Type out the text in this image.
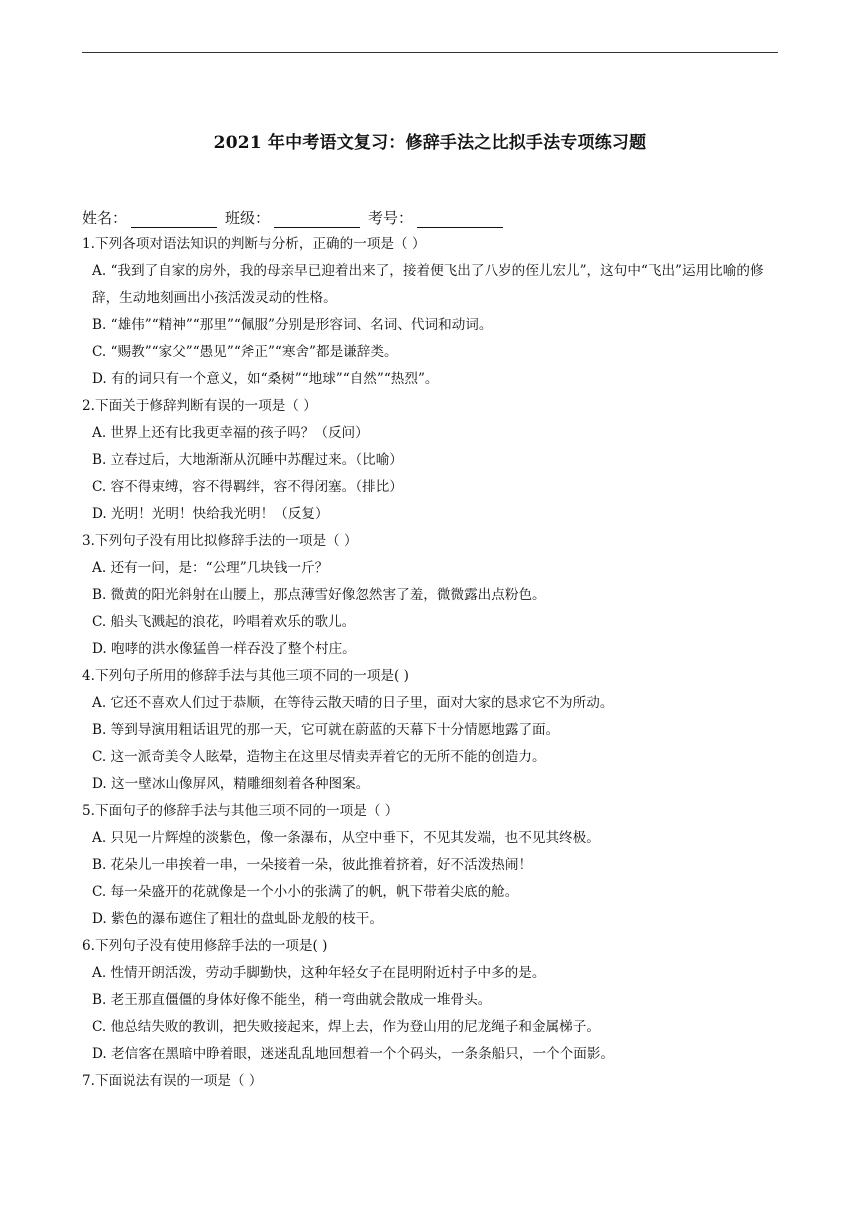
2021 年中考语文复习：修辞手法之比拟手法专项练习题
姓名：	班级：	考号：
1.下列各项对语法知识的判断与分析，正确的一项是（ ）
A. “我到了自家的房外，我的母亲早已迎着出来了，接着便飞出了八岁的侄儿宏儿”，这句中“飞出”运用比喻的修辞，生动地刻画出小孩活泼灵动的性格。
B. “雄伟”“精神”“那里”“佩服”分别是形容词、名词、代词和动词。
C. “赐教”“家父”“愚见”“斧正”“寒舍”都是谦辞类。
D. 有的词只有一个意义，如“桑树”“地球”“自然”“热烈”。
2.下面关于修辞判断有误的一项是（ ）
A. 世界上还有比我更幸福的孩子吗？（反问）
B. 立春过后，大地渐渐从沉睡中苏醒过来。（比喻）
C. 容不得束缚，容不得羁绊，容不得闭塞。（排比）
D. 光明！光明！快给我光明！（反复）
3.下列句子没有用比拟修辞手法的一项是（ ）
A. 还有一问，是：“公理”几块钱一斤？
B. 微黄的阳光斜射在山腰上，那点薄雪好像忽然害了羞，微微露出点粉色。
C. 船头飞溅起的浪花，吟唱着欢乐的歌儿。
D. 咆哮的洪水像猛兽一样吞没了整个村庄。
4.下列句子所用的修辞手法与其他三项不同的一项是( )
A. 它还不喜欢人们过于恭顺，在等待云散天晴的日子里，面对大家的恳求它不为所动。
B. 等到导演用粗话诅咒的那一天，它可就在蔚蓝的天幕下十分情愿地露了面。
C. 这一派奇美令人眩晕，造物主在这里尽情卖弄着它的无所不能的创造力。
D. 这一壁冰山像屏风，精雕细刻着各种图案。
5.下面句子的修辞手法与其他三项不同的一项是（ ）
A. 只见一片辉煌的淡紫色，像一条瀑布，从空中垂下，不见其发端，也不见其终极。
B. 花朵儿一串挨着一串，一朵接着一朵，彼此推着挤着，好不活泼热闹！
C. 每一朵盛开的花就像是一个小小的张满了的帆，帆下带着尖底的舱。
D. 紫色的瀑布遮住了粗壮的盘虬卧龙般的枝干。
6.下列句子没有使用修辞手法的一项是( )
A. 性情开朗活泼，劳动手脚勤快，这种年轻女子在昆明附近村子中多的是。
B. 老王那直僵僵的身体好像不能坐，稍一弯曲就会散成一堆骨头。
C. 他总结失败的教训，把失败接起来，焊上去，作为登山用的尼龙绳子和金属梯子。
D. 老信客在黑暗中睁着眼，迷迷乱乱地回想着一个个码头，一条条船只，一个个面影。
7.下面说法有误的一项是（ ）
